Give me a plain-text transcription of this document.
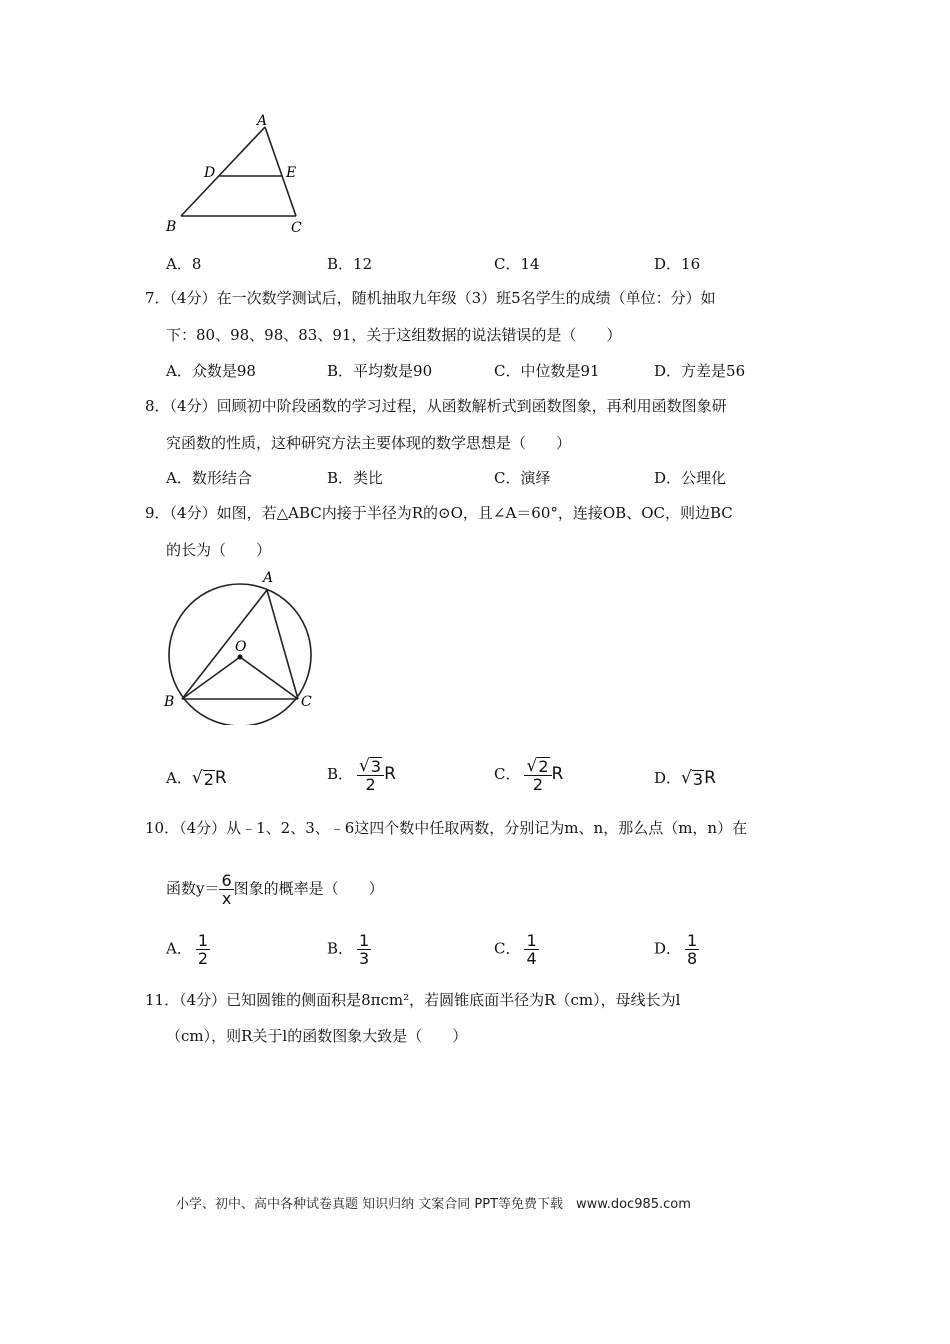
A
D	E
B	C
A．8	B．12	C．14	D．16
7．（4分）在一次数学测试后，随机抽取九年级（3）班5名学生的成绩（单位：分）如
下：80、98、98、83、91，关于这组数据的说法错误的是（　　）
A．众数是98	B．平均数是90	C．中位数是91	D．方差是56
8．（4分）回顾初中阶段函数的学习过程，从函数解析式到函数图象，再利用函数图象研
究函数的性质，这种研究方法主要体现的数学思想是（　　）
A．数形结合	B．类比	C．演绎	D．公理化
9．（4分）如图，若△ABC内接于半径为R的⊙O，且∠A＝60°，连接OB、OC，则边BC
的长为（　　）
A
O
B	C
A． √ 2 R	B． $\frac{√ 3}{2}$ R	C． $\frac{√ 2}{2}$ R	D． √ 3 R
10．（4分）从﹣1、2、3、﹣6这四个数中任取两数，分别记为m、n，那么点（m，n）在
函数$y= \frac{6}{x}$ 图象的概率是（　　）
A． $\frac{1}{2}$	B． $\frac{1}{3}$	C． $\frac{1}{4}$	D． $\frac{1}{8}$
11．（4分）已知圆锥的侧面积是8πcm²，若圆锥底面半径为R（cm），母线长为l
（cm），则R关于l的函数图象大致是（　　）
小学、初中、高中各种试卷真题 知识归纳 文案合同 PPT等免费下载　www.doc985.com
